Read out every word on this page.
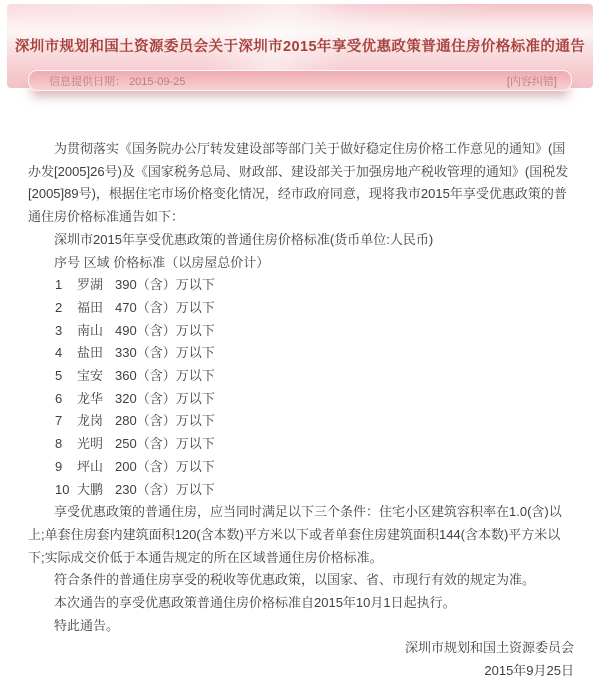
深圳市规划和国土资源委员会关于深圳市2015年享受优惠政策普通住房价格标准的通告
信息提供日期： 2015-09-25	[内容纠错]

为贯彻落实《国务院办公厅转发建设部等部门关于做好稳定住房价格工作意见的通知》(国办发[2005]26号)及《国家税务总局、财政部、建设部关于加强房地产税收管理的通知》(国税发[2005]89号)，根据住宅市场价格变化情况，经市政府同意，现将我市2015年享受优惠政策的普通住房价格标准通告如下：

深圳市2015年享受优惠政策的普通住房价格标准(货币单位:人民币)

序号 区域 价格标准（以房屋总价计）

1	罗湖 390（含）万以下
2	福田 470（含）万以下
3	南山 490（含）万以下
4	盐田 330（含）万以下
5	宝安 360（含）万以下
6	龙华 320（含）万以下
7	龙岗 280（含）万以下
8	光明 250（含）万以下
9	坪山 200（含）万以下
10 大鹏 230（含）万以下

享受优惠政策的普通住房，应当同时满足以下三个条件：住宅小区建筑容积率在1.0(含)以上;单套住房套内建筑面积120(含本数)平方米以下或者单套住房建筑面积144(含本数)平方米以下;实际成交价低于本通告规定的所在区域普通住房价格标准。

符合条件的普通住房享受的税收等优惠政策，以国家、省、市现行有效的规定为准。

本次通告的享受优惠政策普通住房价格标准自2015年10月1日起执行。

特此通告。

深圳市规划和国土资源委员会
2015年9月25日
